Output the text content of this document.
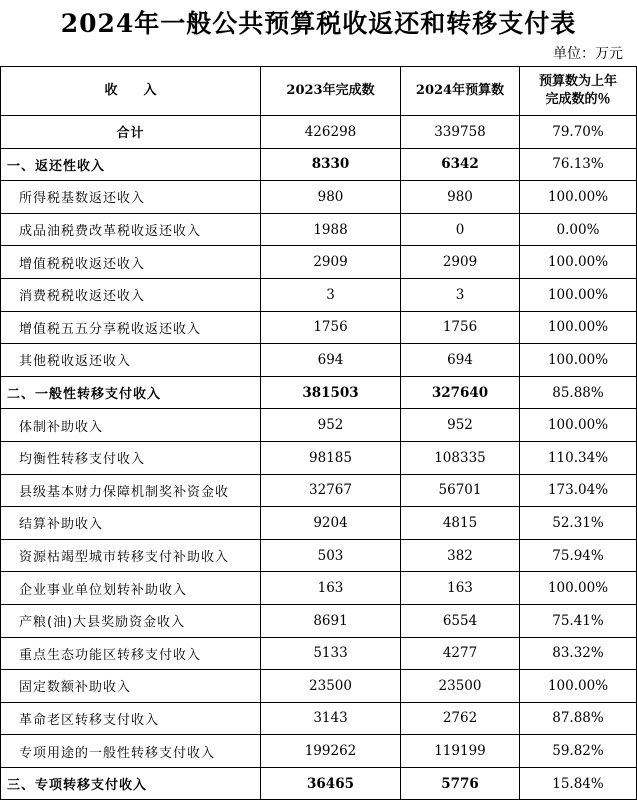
2024年一般公共预算税收返还和转移支付表
单位：万元
收　　入	2023年完成数	2024年预算数	预算数为上年
完成数的％
合计	426298	339758	79.70%
一、返还性收入	8330	6342	76.13%
所得税基数返还收入	980	980	100.00%
成品油税费改革税收返还收入	1988	0	0.00%
增值税税收返还收入	2909	2909	100.00%
消费税税收返还收入	3	3	100.00%
增值税五五分享税收返还收入	1756	1756	100.00%
其他税收返还收入	694	694	100.00%
二、一般性转移支付收入	381503	327640	85.88%
体制补助收入	952	952	100.00%
均衡性转移支付收入	98185	108335	110.34%
县级基本财力保障机制奖补资金收	32767	56701	173.04%
结算补助收入	9204	4815	52.31%
资源枯竭型城市转移支付补助收入	503	382	75.94%
企业事业单位划转补助收入	163	163	100.00%
产粮(油)大县奖励资金收入	8691	6554	75.41%
重点生态功能区转移支付收入	5133	4277	83.32%
固定数额补助收入	23500	23500	100.00%
革命老区转移支付收入	3143	2762	87.88%
专项用途的一般性转移支付收入	199262	119199	59.82%
三、专项转移支付收入	36465	5776	15.84%
